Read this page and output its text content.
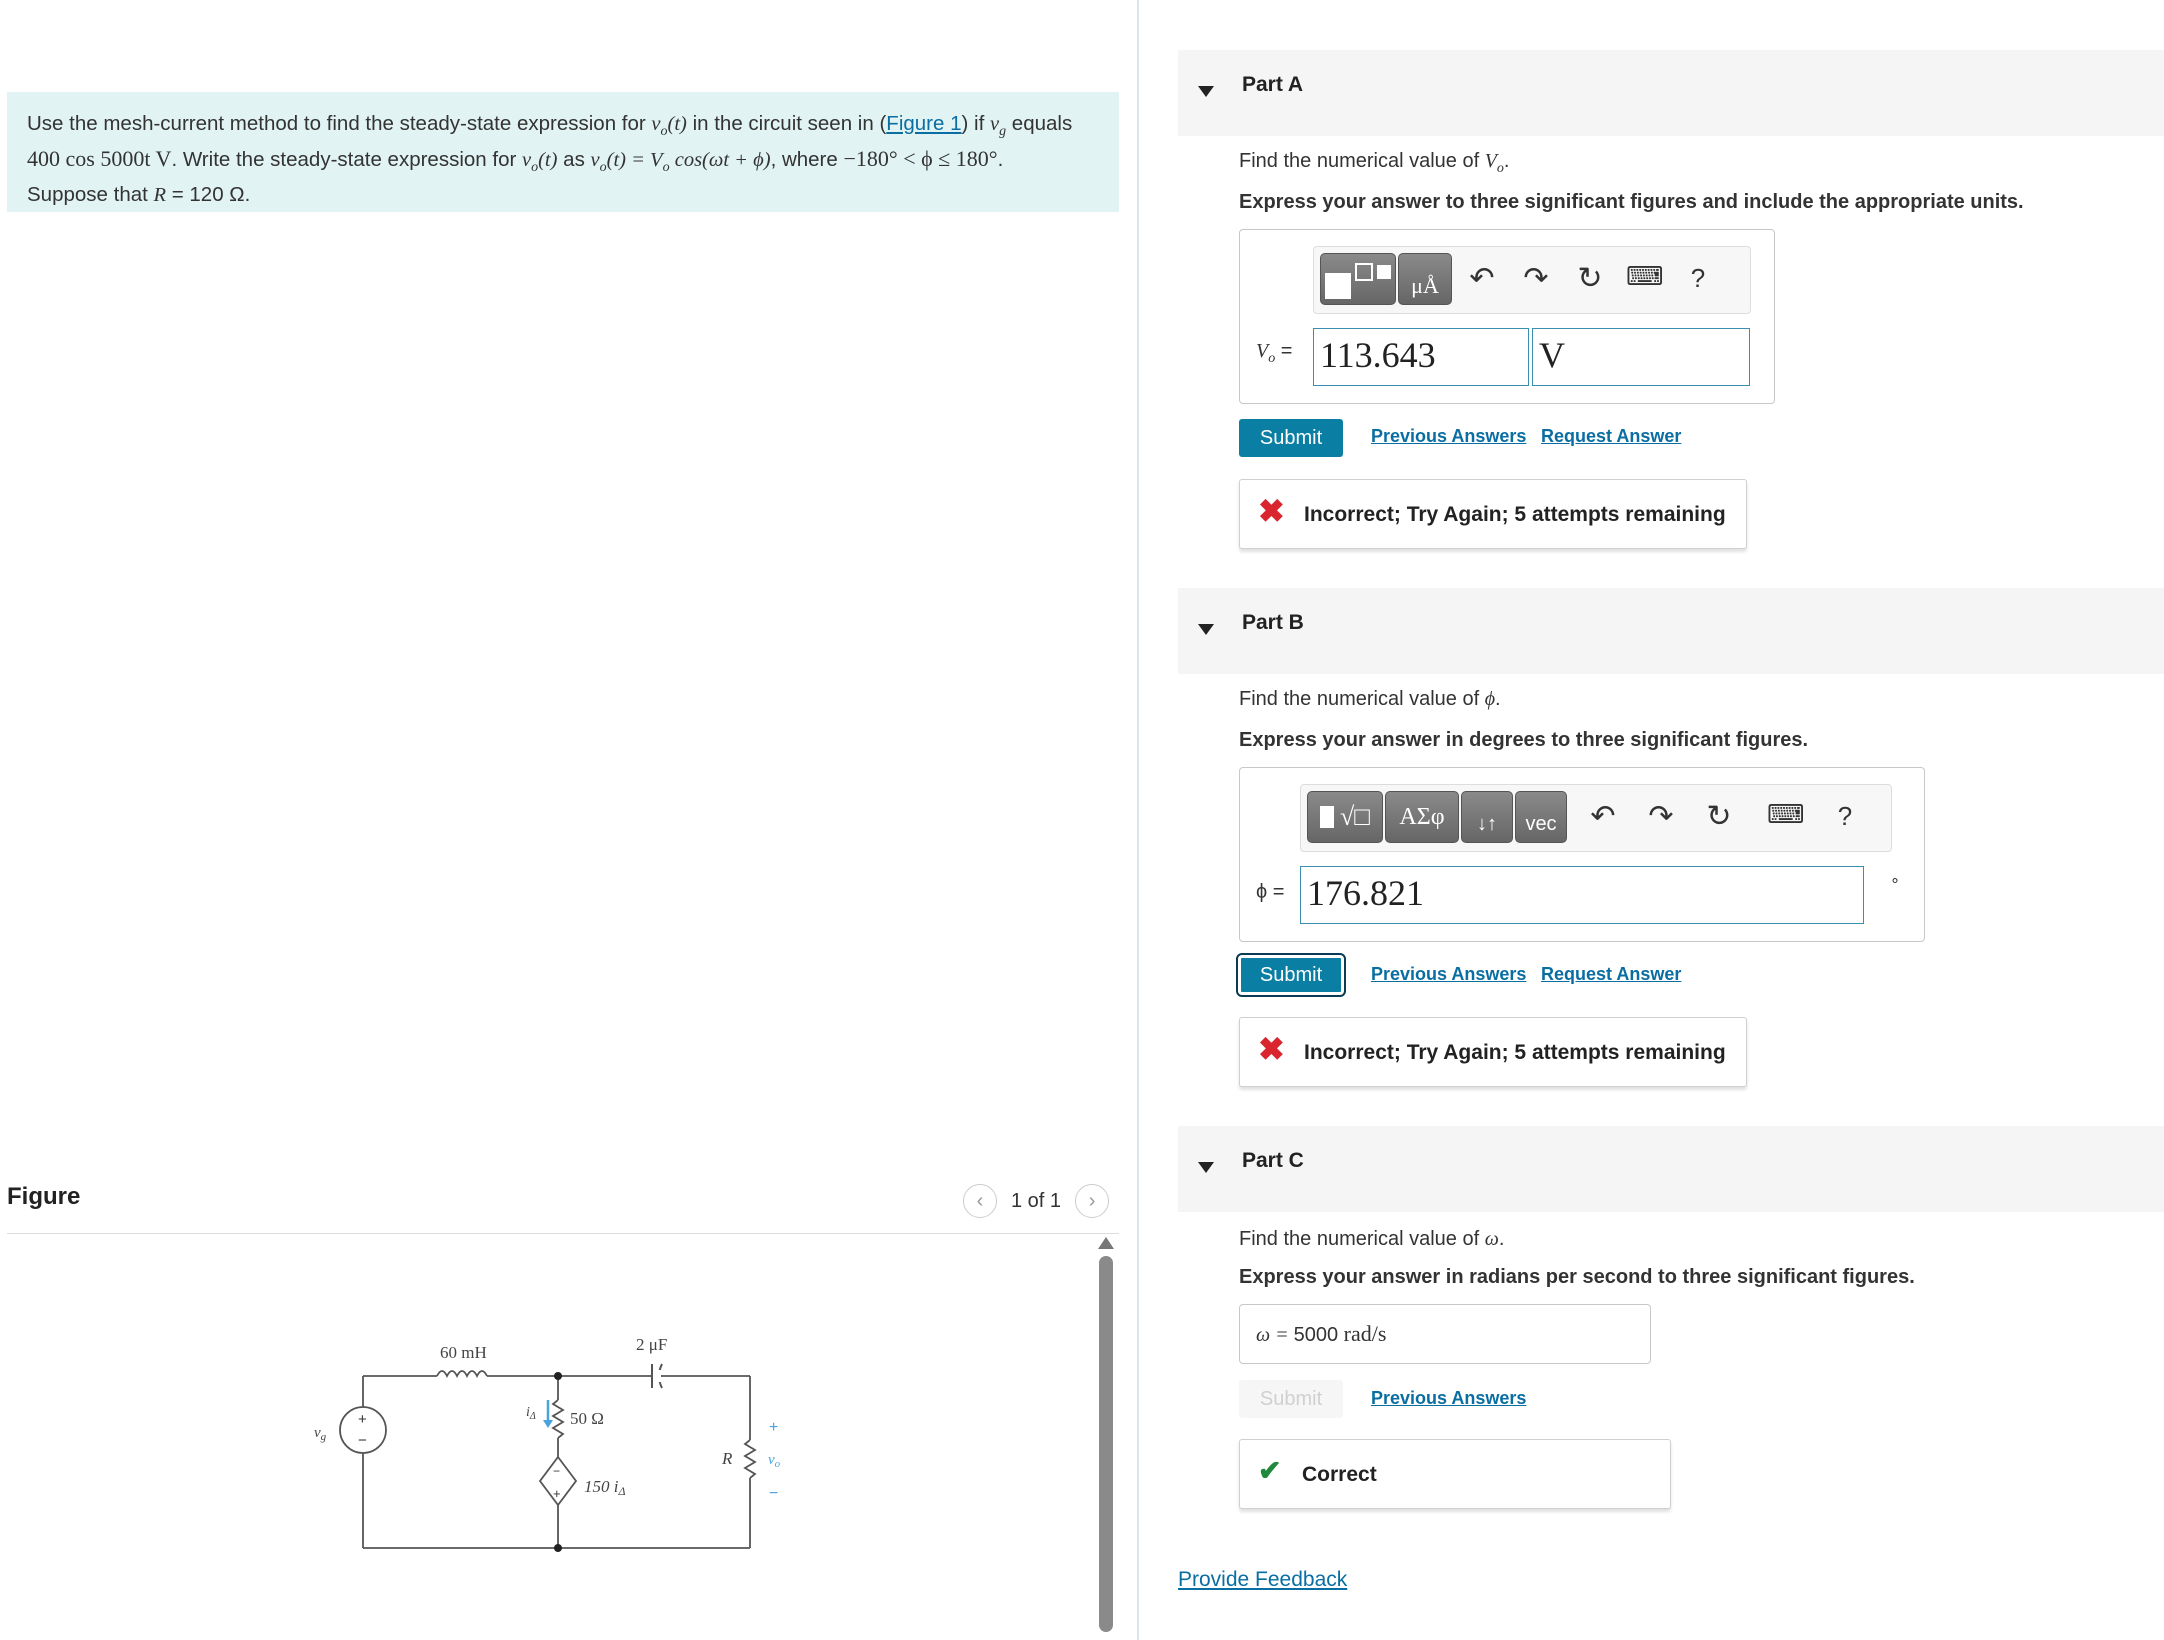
Use the mesh-current method to find the steady-state expression for $v_o(t)$ in the circuit seen in (Figure 1) if $v_g$ equals
400 cos 5000t V. Write the steady-state expression for $v_o(t)$ as $v_o(t) = V_o$ cos(ωt + ϕ), where −180° < ϕ ≤ 180°.
Suppose that R = 120 Ω.
Figure	‹	1 of 1	›
60 mH	2 μF
50 Ω
150 iΔ
$i_\Delta$
$v_g$
R $v_o$
+
−
−
+
+
−
Part A
Find the numerical value of $V_o$.
Express your answer to three significant figures and include the appropriate units.
μÅ	↶ ↷ ↻ ⌨	?
$V_o = 113.643$	V
Submit	Previous Answers Request Answer
✖ Incorrect; Try Again; 5 attempts remaining
Part B
Find the numerical value of ϕ.
Express your answer in degrees to three significant figures.
√□	ΑΣφ	↓↑	vec	↶ ↷ ↻ ⌨	?
ϕ = 176.821	∘
Submit	Previous Answers Request Answer
✖ Incorrect; Try Again; 5 attempts remaining
Part C
Find the numerical value of ω.
Express your answer in radians per second to three significant figures.
ω = 5000 rad/s
Submit	Previous Answers
✔ Correct
Provide Feedback
